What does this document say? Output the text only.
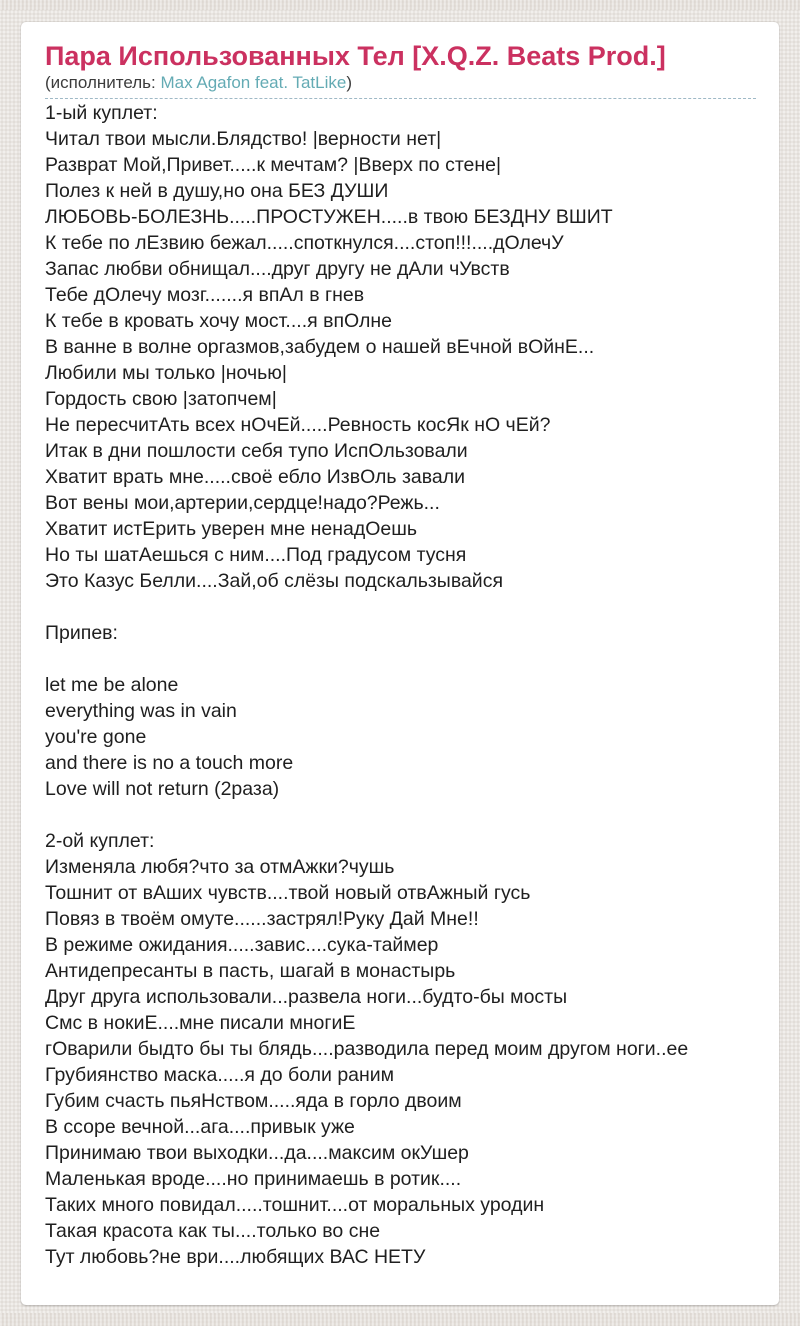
Пара Использованных Тел [X.Q.Z. Beats Prod.]
(исполнитель: Max Agafon feat. TatLike)
1-ый куплет:
Читал твои мысли.Блядство! |верности нет|
Разврат Мой,Привет.....к мечтам? |Вверх по стене|
Полез к ней в душу,но она БЕЗ ДУШИ
ЛЮБОВЬ-БОЛЕЗНЬ.....ПРОСТУЖЕН.....в твою БЕЗДНУ ВШИТ
К тебе по лЕзвию бежал.....споткнулся....стоп!!!....дОлечУ
Запас любви обнищал....друг другу не дАли чУвств
Тебе дОлечу мозг.......я впАл в гнев
К тебе в кровать хочу мост....я впОлне
В ванне в волне оргазмов,забудем о нашей вЕчной вОйнЕ...
Любили мы только |ночью|
Гордость свою |затопчем|
Не пересчитАть всех нОчЕй.....Ревность косЯк нО чЕй?
Итак в дни пошлости себя тупо ИспОльзовали
Хватит врать мне.....своё ебло ИзвОль завали
Вот вены мои,артерии,сердце!надо?Режь...
Хватит истЕрить уверен мне ненадОешь
Но ты шатАешься с ним....Под градусом тусня
Это Казус Белли....Зай,об слёзы подскальзывайся
Припев:
let me be alone
everything was in vain
you're gone
and there is no a touch more
Love will not return (2раза)
2-ой куплет:
Изменяла любя?что за отмАжки?чушь
Тошнит от вАших чувств....твой новый отвАжный гусь
Повяз в твоём омуте......застрял!Руку Дай Мне!!
В режиме ожидания.....завис....сука-таймер
Антидепресанты в пасть, шагай в монастырь
Друг друга использовали...развела ноги...будто-бы мосты
Смс в нокиЕ....мне писали многиЕ
гОварили быдто бы ты блядь....разводила перед моим другом ноги..ее
Грубиянство маска.....я до боли раним
Губим счасть пьяНством.....яда в горло двоим
В ссоре вечной...ага....привык уже
Принимаю твои выходки...да....максим окУшер
Маленькая вроде....но принимаешь в ротик....
Таких много повидал.....тошнит....от моральных уродин
Такая красота как ты....только во сне
Тут любовь?не ври....любящих ВАС НЕТУ
